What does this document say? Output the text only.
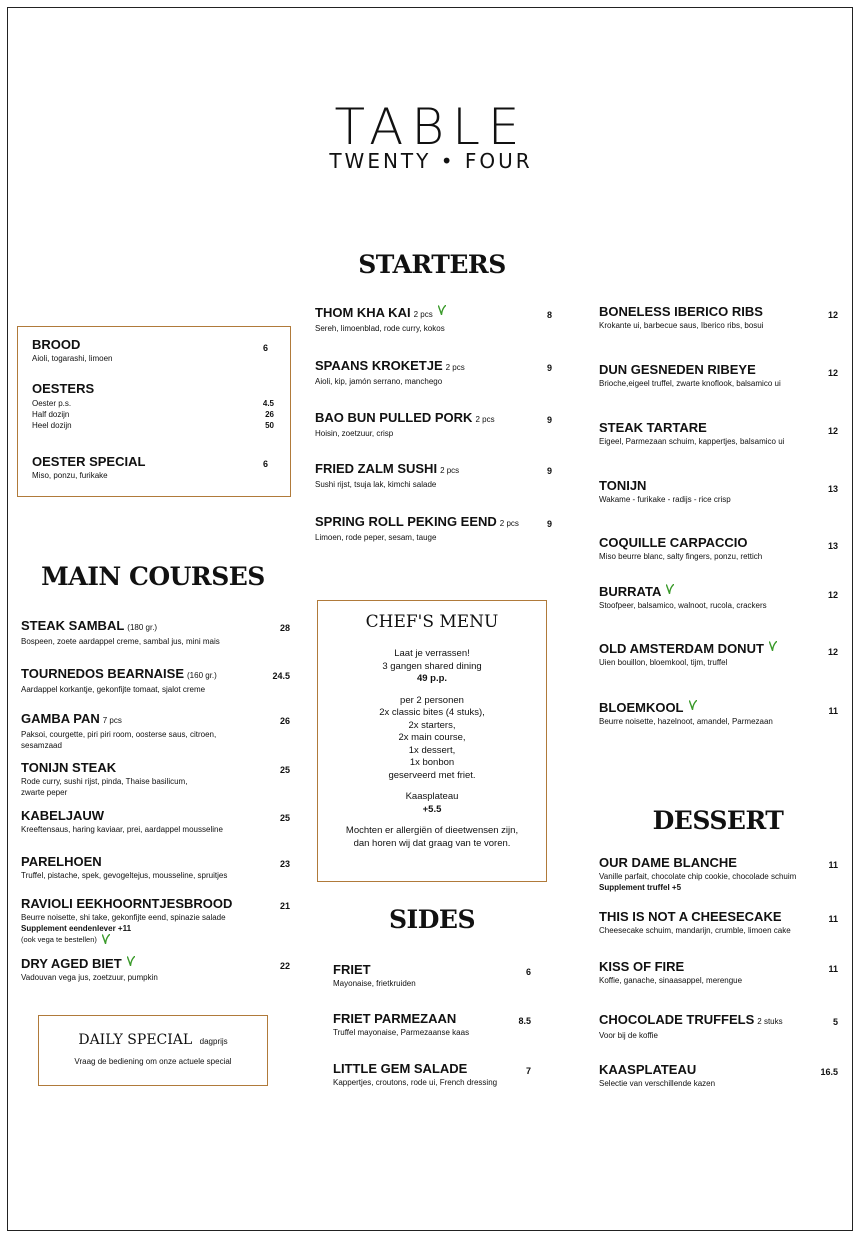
TABLE
TWENTY • FOUR
STARTERS
MAIN COURSES
SIDES
DESSERT
BROOD
Aioli, togarashi, limoen
6
OESTERS
Oester p.s.	4.5
Half dozijn	26
Heel dozijn	50
OESTER SPECIAL
Miso, ponzu, furikake
6
THOM KHA KAI 2 pcs
Sereh, limoenblad, rode curry, kokos
8
SPAANS KROKETJE 2 pcs
Aioli, kip, jamón serrano, manchego
9
BAO BUN PULLED PORK 2 pcs
Hoisin, zoetzuur, crisp
9
FRIED ZALM SUSHI 2 pcs
Sushi rijst, tsuja lak, kimchi salade
9
SPRING ROLL PEKING EEND 2 pcs
Limoen, rode peper, sesam, tauge
9
BONELESS IBERICO RIBS
Krokante ui, barbecue saus, Iberico ribs, bosui
12
DUN GESNEDEN RIBEYE
Brioche,eigeel truffel, zwarte knoflook, balsamico ui
12
STEAK TARTARE
Eigeel, Parmezaan schuim, kappertjes, balsamico ui
12
TONIJN
Wakame - furikake - radijs - rice crisp
13
COQUILLE CARPACCIO
Miso beurre blanc, salty fingers, ponzu, rettich
13
BURRATA
Stoofpeer, balsamico, walnoot, rucola, crackers
12
OLD AMSTERDAM DONUT
Uien bouillon, bloemkool, tijm, truffel
12
BLOEMKOOL
Beurre noisette, hazelnoot, amandel, Parmezaan
11
STEAK SAMBAL (180 gr.)
Bospeen, zoete aardappel creme, sambal jus, mini mais
28
TOURNEDOS BEARNAISE (160 gr.)
Aardappel korkantje, gekonfijte tomaat, sjalot creme
24.5
GAMBA PAN 7 pcs
Paksoi, courgette, piri piri room, oosterse saus, citroen,
sesamzaad
26
TONIJN STEAK
Rode curry, sushi rijst, pinda, Thaise basilicum,
zwarte peper
25
KABELJAUW
Kreeftensaus, haring kaviaar, prei, aardappel mousseline
25
PARELHOEN
Truffel, pistache, spek, gevogeltejus, mousseline, spruitjes
23
RAVIOLI EEKHOORNTJESBROOD
Beurre noisette, shi take, gekonfijte eend, spinazie salade
Supplement eendenlever +11
(ook vega te bestellen)
21
DRY AGED BIET
Vadouvan vega jus, zoetzuur, pumpkin
22	FRIET
Mayonaise, frietkruiden
6
FRIET PARMEZAAN
Truffel mayonaise, Parmezaanse kaas
8.5
LITTLE GEM SALADE
Kappertjes, croutons, rode ui, French dressing
7
OUR DAME BLANCHE
Vanille parfait, chocolate chip cookie, chocolade schuim
Supplement truffel +5
11
THIS IS NOT A CHEESECAKE
Cheesecake schuim, mandarijn, crumble, limoen cake
11
KISS OF FIRE
Koffie, ganache, sinaasappel, merengue
11
CHOCOLADE TRUFFELS 2 stuks
Voor bij de koffie
5
KAASPLATEAU
Selectie van verschillende kazen
16.5
CHEF'S MENU
Laat je verrassen!
3 gangen shared dining
49 p.p.
per 2 personen
2x classic bites (4 stuks),
2x starters,
2x main course,
1x dessert,
1x bonbon
geserveerd met friet.
Kaasplateau
+5.5
Mochten er allergiën of dieetwensen zijn,
dan horen wij dat graag van te voren.
DAILY SPECIAL dagprijs
Vraag de bediening om onze actuele special
